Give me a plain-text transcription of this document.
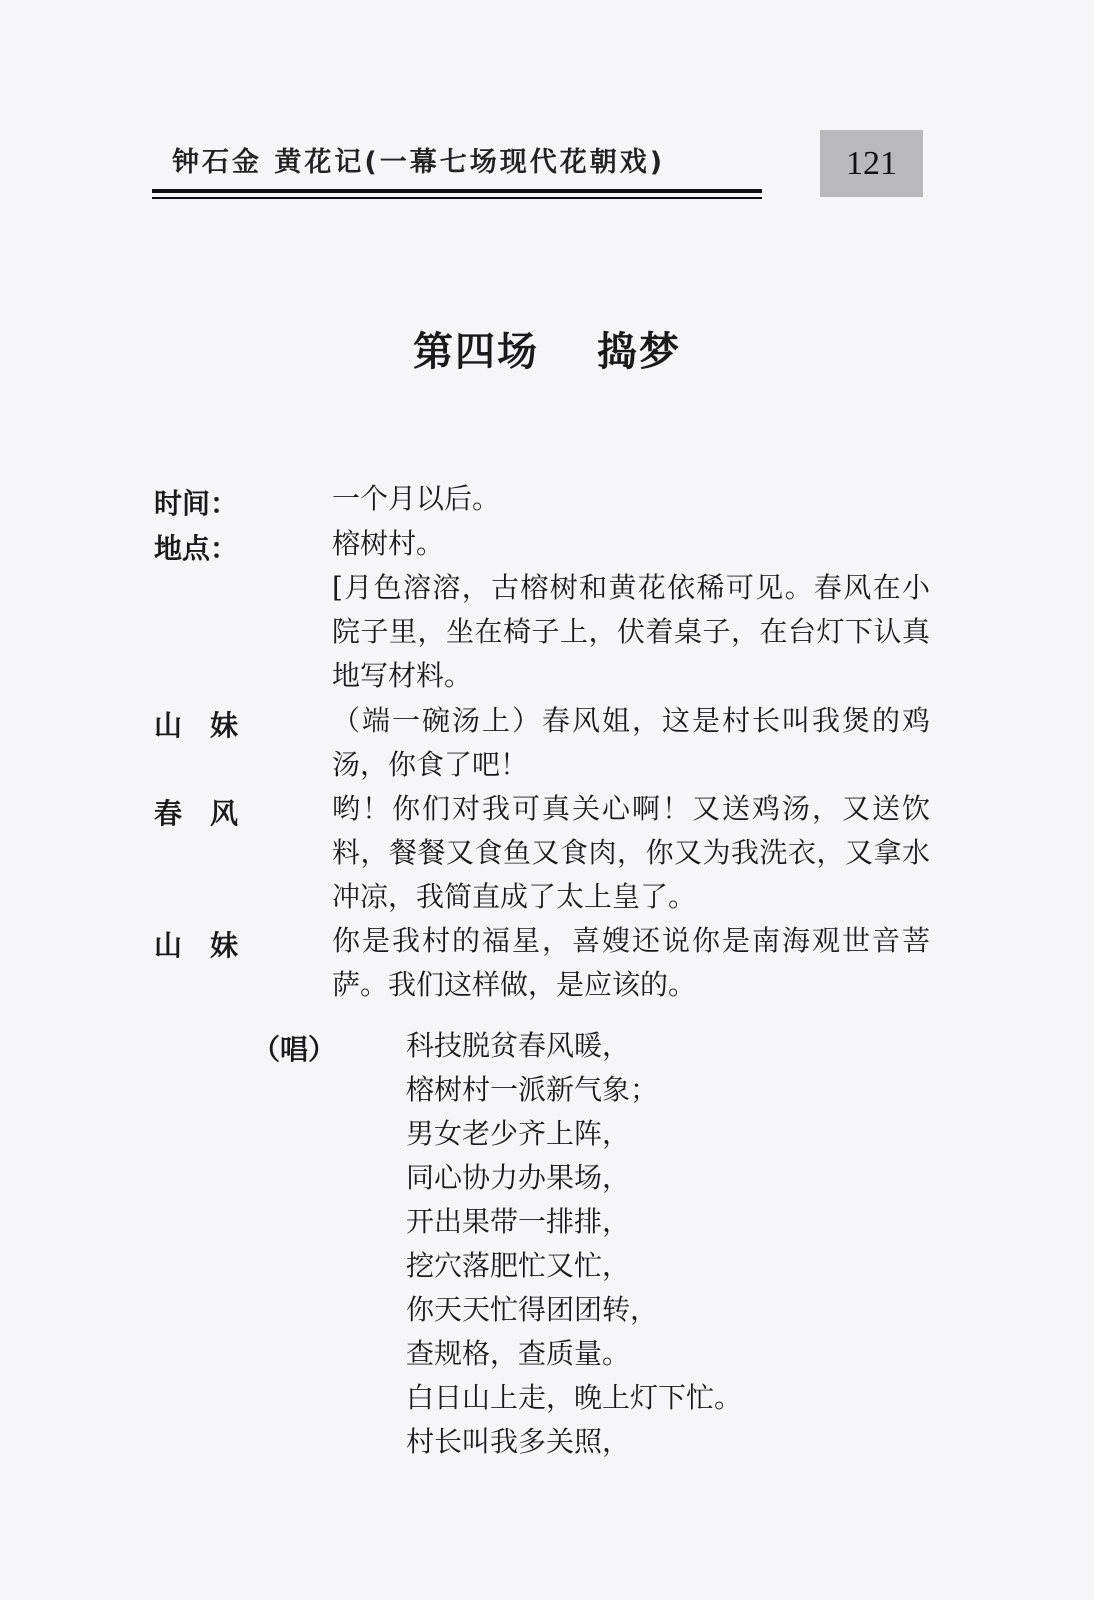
钟石金 黄花记(一幕七场现代花朝戏)	121
第四场　 捣梦
时间：	一个月以后。
地点：	榕树村。
[月色溶溶，古榕树和黄花依稀可见。春风在小院子里，坐在椅子上，伏着桌子，在台灯下认真地写材料。
山　妹	（端一碗汤上）春风姐，这是村长叫我煲的鸡汤，你食了吧！
春　风	哟！你们对我可真关心啊！又送鸡汤，又送饮料，餐餐又食鱼又食肉，你又为我洗衣，又拿水冲凉，我简直成了太上皇了。
山　妹	你是我村的福星，喜嫂还说你是南海观世音菩萨。我们这样做，是应该的。
（唱） 科技脱贫春风暖，
榕树村一派新气象；
男女老少齐上阵，
同心协力办果场，
开出果带一排排，
挖穴落肥忙又忙，
你天天忙得团团转，
查规格，查质量。
白日山上走，晚上灯下忙。
村长叫我多关照，
